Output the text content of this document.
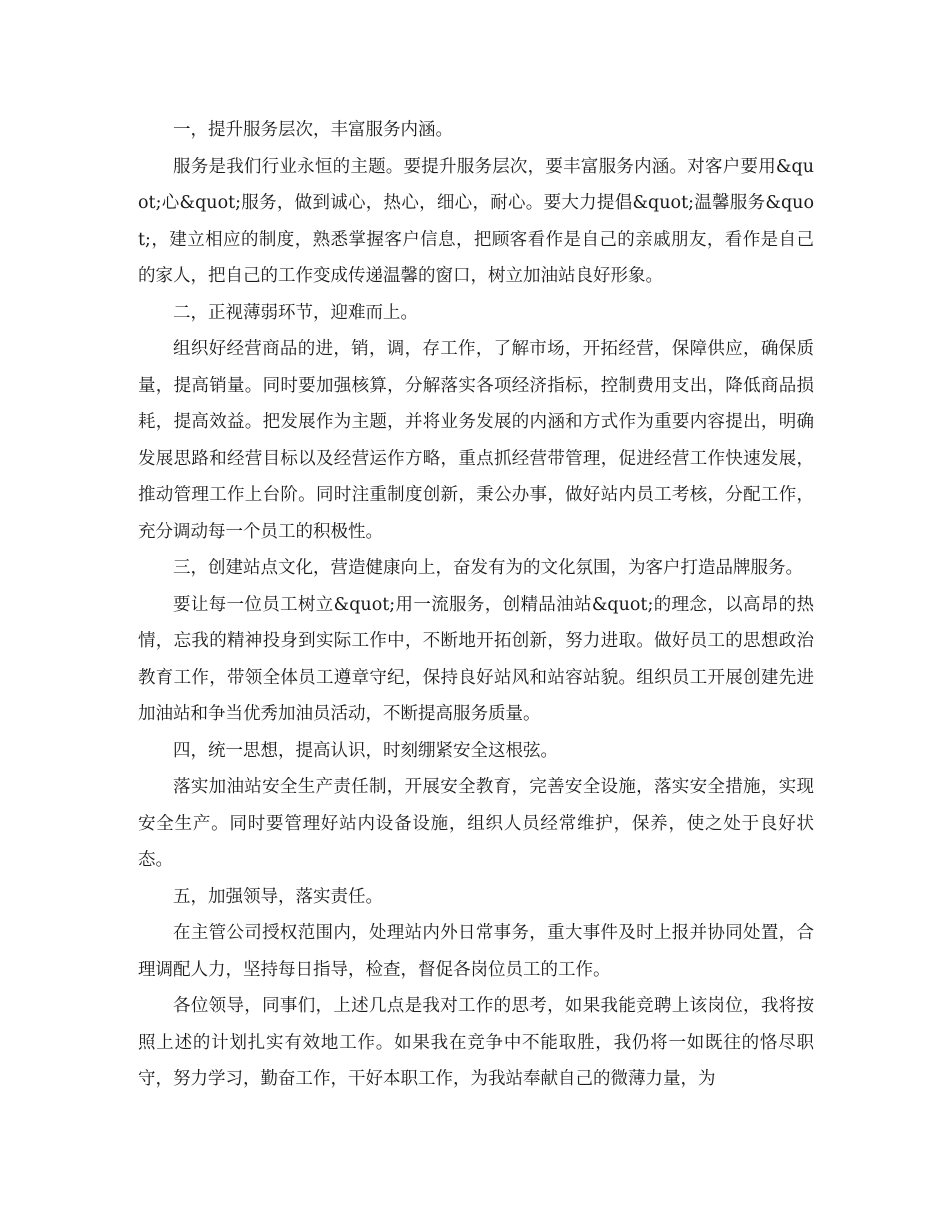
一，提升服务层次，丰富服务内涵。

服务是我们行业永恒的主题。要提升服务层次，要丰富服务内涵。对客户要用&quot;心&quot;服务，做到诚心，热心，细心，耐心。要大力提倡&quot;温馨服务&quot;，建立相应的制度，熟悉掌握客户信息，把顾客看作是自己的亲戚朋友，看作是自己的家人，把自己的工作变成传递温馨的窗口，树立加油站良好形象。

二，正视薄弱环节，迎难而上。

组织好经营商品的进，销，调，存工作，了解市场，开拓经营，保障供应，确保质量，提高销量。同时要加强核算，分解落实各项经济指标，控制费用支出，降低商品损耗，提高效益。把发展作为主题，并将业务发展的内涵和方式作为重要内容提出，明确发展思路和经营目标以及经营运作方略，重点抓经营带管理，促进经营工作快速发展，推动管理工作上台阶。同时注重制度创新，秉公办事，做好站内员工考核，分配工作，充分调动每一个员工的积极性。

三，创建站点文化，营造健康向上，奋发有为的文化氛围，为客户打造品牌服务。

要让每一位员工树立&quot;用一流服务，创精品油站&quot;的理念，以高昂的热情，忘我的精神投身到实际工作中，不断地开拓创新，努力进取。做好员工的思想政治教育工作，带领全体员工遵章守纪，保持良好站风和站容站貌。组织员工开展创建先进加油站和争当优秀加油员活动，不断提高服务质量。

四，统一思想，提高认识，时刻绷紧安全这根弦。

落实加油站安全生产责任制，开展安全教育，完善安全设施，落实安全措施，实现安全生产。同时要管理好站内设备设施，组织人员经常维护，保养，使之处于良好状态。

五，加强领导，落实责任。

在主管公司授权范围内，处理站内外日常事务，重大事件及时上报并协同处置，合理调配人力，坚持每日指导，检查，督促各岗位员工的工作。

各位领导，同事们，上述几点是我对工作的思考，如果我能竞聘上该岗位，我将按照上述的计划扎实有效地工作。如果我在竞争中不能取胜，我仍将一如既往的恪尽职守，努力学习，勤奋工作，干好本职工作，为我站奉献自己的微薄力量，为
